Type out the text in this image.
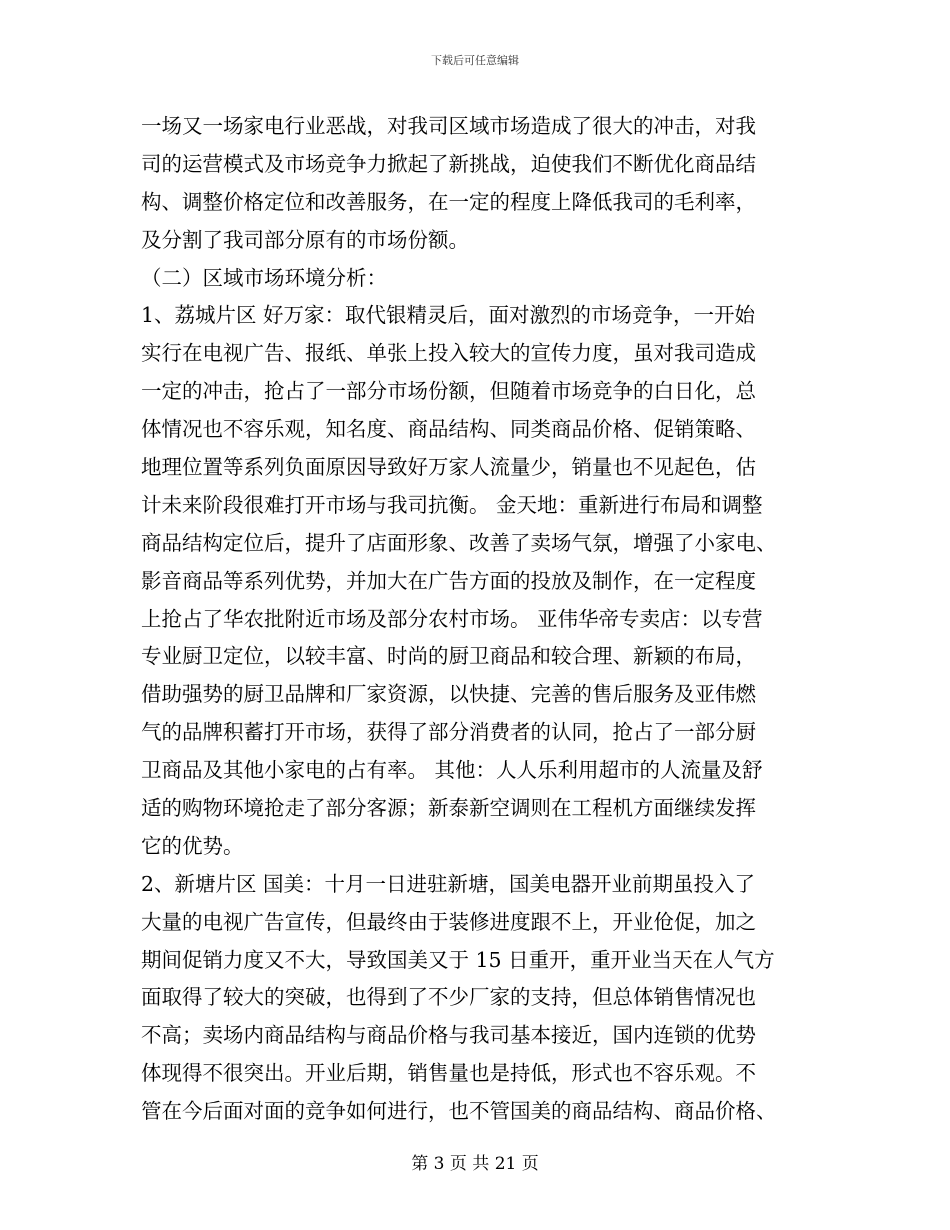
下载后可任意编辑
一场又一场家电行业恶战，对我司区域市场造成了很大的冲击，对我
司的运营模式及市场竞争力掀起了新挑战，迫使我们不断优化商品结
构、调整价格定位和改善服务，在一定的程度上降低我司的毛利率，
及分割了我司部分原有的市场份额。
（二）区域市场环境分析：
1、荔城片区 好万家：取代银精灵后，面对激烈的市场竞争，一开始
实行在电视广告、报纸、单张上投入较大的宣传力度，虽对我司造成
一定的冲击，抢占了一部分市场份额，但随着市场竞争的白日化，总
体情况也不容乐观，知名度、商品结构、同类商品价格、促销策略、
地理位置等系列负面原因导致好万家人流量少，销量也不见起色，估
计未来阶段很难打开市场与我司抗衡。 金天地：重新进行布局和调整
商品结构定位后，提升了店面形象、改善了卖场气氛，增强了小家电、
影音商品等系列优势，并加大在广告方面的投放及制作，在一定程度
上抢占了华农批附近市场及部分农村市场。 亚伟华帝专卖店：以专营
专业厨卫定位，以较丰富、时尚的厨卫商品和较合理、新颖的布局，
借助强势的厨卫品牌和厂家资源，以快捷、完善的售后服务及亚伟燃
气的品牌积蓄打开市场，获得了部分消费者的认同，抢占了一部分厨
卫商品及其他小家电的占有率。 其他：人人乐利用超市的人流量及舒
适的购物环境抢走了部分客源；新泰新空调则在工程机方面继续发挥
它的优势。
2、新塘片区 国美：十月一日进驻新塘，国美电器开业前期虽投入了
大量的电视广告宣传，但最终由于装修进度跟不上，开业伧促，加之
期间促销力度又不大，导致国美又于 15 日重开，重开业当天在人气方
面取得了较大的突破，也得到了不少厂家的支持，但总体销售情况也
不高；卖场内商品结构与商品价格与我司基本接近，国内连锁的优势
体现得不很突出。开业后期，销售量也是持低，形式也不容乐观。不
管在今后面对面的竞争如何进行，也不管国美的商品结构、商品价格、
第 3 页 共 21 页
